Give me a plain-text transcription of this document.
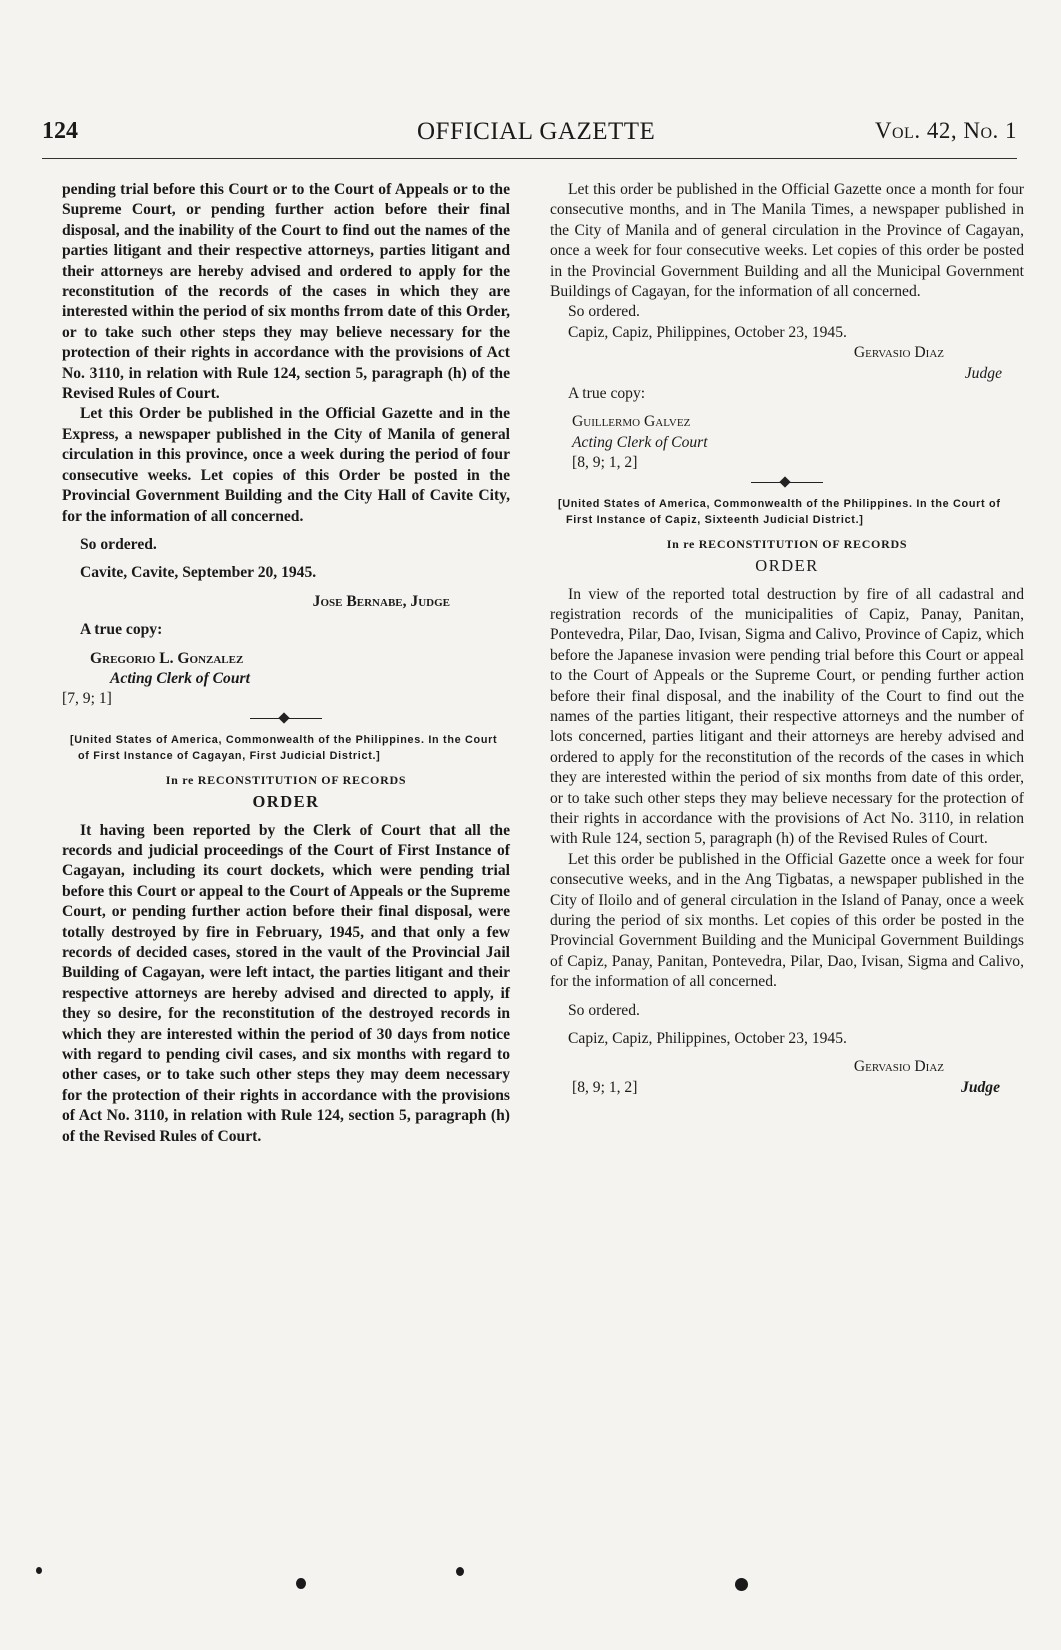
124	OFFICIAL GAZETTE	Vol. 42, No. 1

pending trial before this Court or to the Court of Appeals or to the Supreme Court, or pending further action before their final disposal, and the inability of the Court to find out the names of the parties litigant and their respective attorneys, parties litigant and their attorneys are hereby advised and ordered to apply for the reconstitution of the records of the cases in which they are interested within the period of six months frrom date of this Order, or to take such other steps they may believe necessary for the protection of their rights in accordance with the provisions of Act No. 3110, in relation with Rule 124, section 5, paragraph (h) of the Revised Rules of Court.

Let this Order be published in the Official Gazette and in the Express, a newspaper published in the City of Manila of general circulation in this province, once a week during the period of four consecutive weeks. Let copies of this Order be posted in the Provincial Government Building and the City Hall of Cavite City, for the information of all concerned.

So ordered.

Cavite, Cavite, September 20, 1945.

Jose Bernabe, Judge

A true copy:

Gregorio L. Gonzalez

Acting Clerk of Court

[7, 9; 1]

[United States of America, Commonwealth of the Philippines. In the Court of First Instance of Cagayan, First Judicial District.]

In re RECONSTITUTION OF RECORDS

ORDER

It having been reported by the Clerk of Court that all the records and judicial proceedings of the Court of First Instance of Cagayan, including its court dockets, which were pending trial before this Court or appeal to the Court of Appeals or the Supreme Court, or pending further action before their final disposal, were totally destroyed by fire in February, 1945, and that only a few records of decided cases, stored in the vault of the Provincial Jail Building of Cagayan, were left intact, the parties litigant and their respective attorneys are hereby advised and directed to apply, if they so desire, for the reconstitution of the destroyed records in which they are interested within the period of 30 days from notice with regard to pending civil cases, and six months with regard to other cases, or to take such other steps they may deem necessary for the protection of their rights in accordance with the provisions of Act No. 3110, in relation with Rule 124, section 5, paragraph (h) of the Revised Rules of Court.

Let this order be published in the Official Gazette once a month for four consecutive months, and in The Manila Times, a newspaper published in the City of Manila and of general circulation in the Province of Cagayan, once a week for four consecutive weeks. Let copies of this order be posted in the Provincial Government Building and all the Municipal Government Buildings of Cagayan, for the information of all concerned.

So ordered.

Capiz, Capiz, Philippines, October 23, 1945.

Gervasio Diaz

Judge

A true copy:

Guillermo Galvez

Acting Clerk of Court

[8, 9; 1, 2]

[United States of America, Commonwealth of the Philippines. In the Court of First Instance of Capiz, Sixteenth Judicial District.]

In re RECONSTITUTION OF RECORDS

ORDER

In view of the reported total destruction by fire of all cadastral and registration records of the municipalities of Capiz, Panay, Panitan, Pontevedra, Pilar, Dao, Ivisan, Sigma and Calivo, Province of Capiz, which before the Japanese invasion were pending trial before this Court or appeal to the Court of Appeals or the Supreme Court, or pending further action before their final disposal, and the inability of the Court to find out the names of the parties litigant, their respective attorneys and the number of lots concerned, parties litigant and their attorneys are hereby advised and ordered to apply for the reconstitution of the records of the cases in which they are interested within the period of six months from date of this order, or to take such other steps they may believe necessary for the protection of their rights in accordance with the provisions of Act No. 3110, in relation with Rule 124, section 5, paragraph (h) of the Revised Rules of Court.

Let this order be published in the Official Gazette once a week for four consecutive weeks, and in the Ang Tigbatas, a newspaper published in the City of Iloilo and of general circulation in the Island of Panay, once a week during the period of six months. Let copies of this order be posted in the Provincial Government Building and the Municipal Government Buildings of Capiz, Panay, Panitan, Pontevedra, Pilar, Dao, Ivisan, Sigma and Calivo, for the information of all concerned.

So ordered.

Capiz, Capiz, Philippines, October 23, 1945.

Gervasio Diaz

[8, 9; 1, 2]	Judge
